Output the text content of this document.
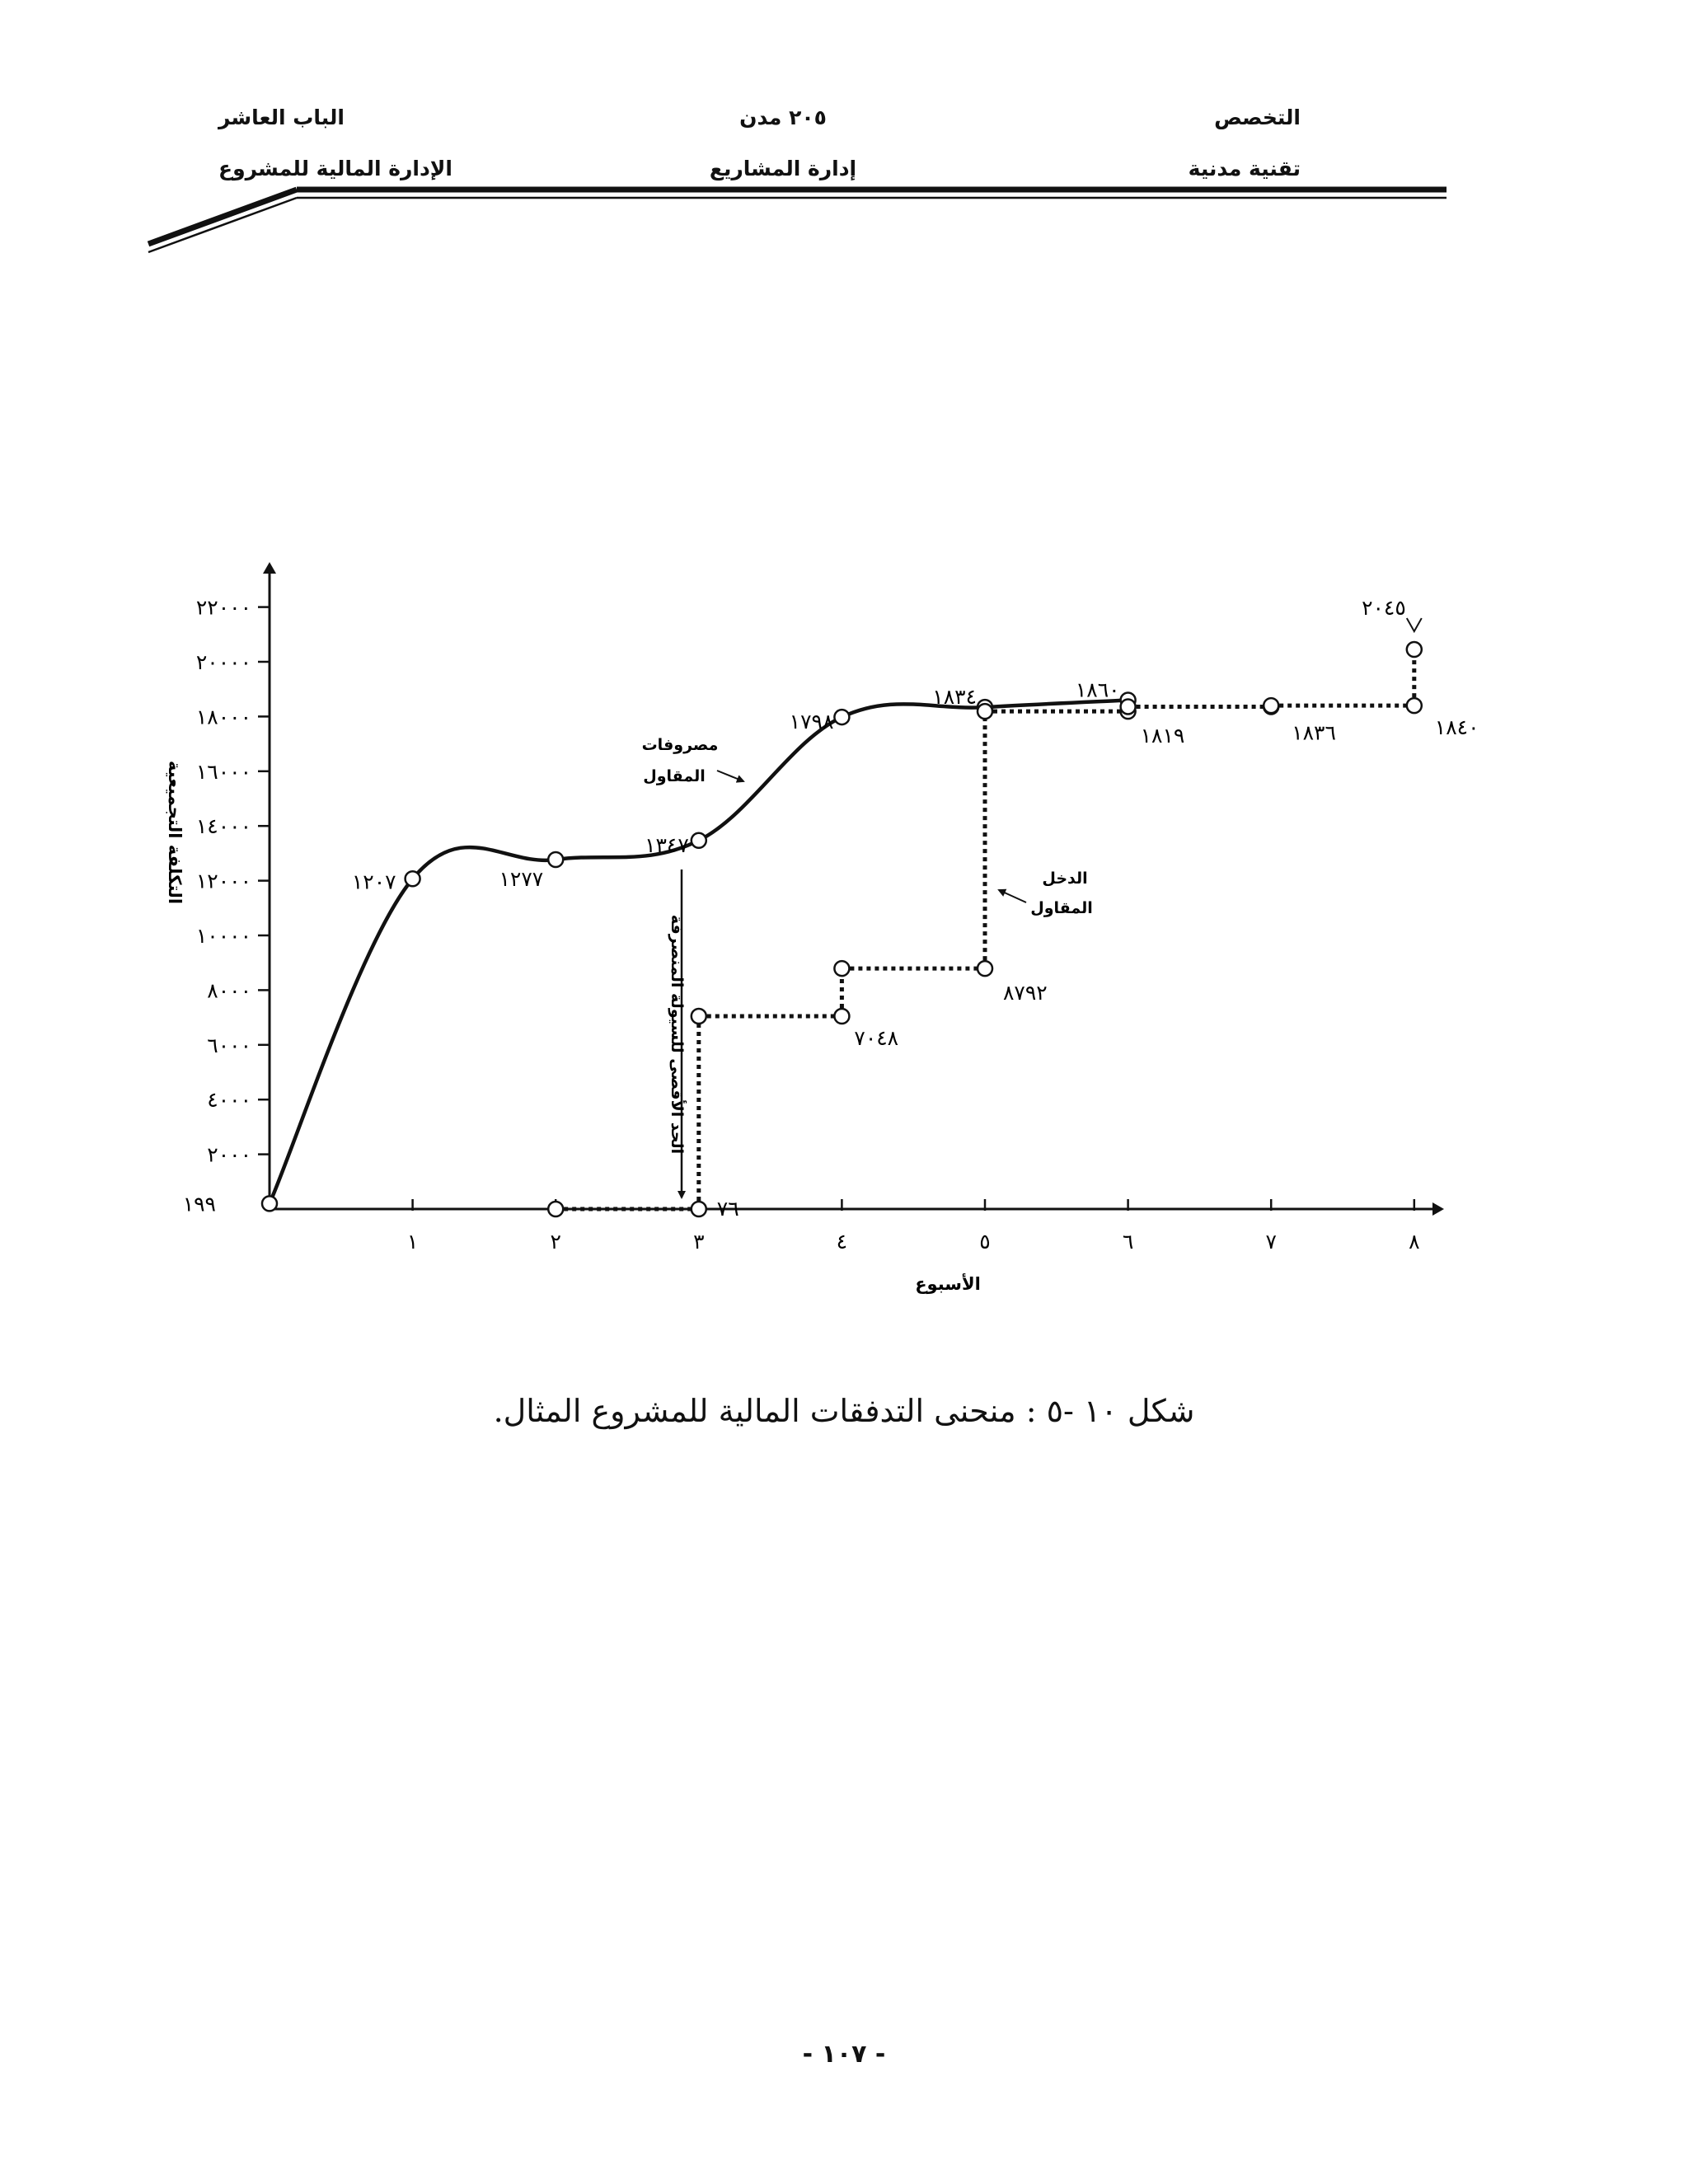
التخصص
تقنية مدنية
٢٠٥ مدن
إدارة المشاريع
الباب العاشر
الإدارة المالية للمشروع
٢٠٠٠
٤٠٠٠
٦٠٠٠
٨٠٠٠
١٠٠٠٠
١٢٠٠٠
١٤٠٠٠
١٦٠٠٠
١٨٠٠٠
٢٠٠٠٠
٢٢٠٠٠
١	٢	٣	٤	٥	٦	٧	٨
الأسبوع
التكلفة التجميعية
١٩٩
١٢٠٧	١٢٧٧
١٣٤٧
١٧٩٨
١٨٣٤	١٨٦٠
٧٦
٧٠٤٨
٨٧٩٢
١٨١٩	١٨٣٦	١٨٤٠
٢٠٤٥
مصروفات المقاول
الدخل المقاول
الحد الأقصى للسيولة المنصرفة
شكل ١٠ -٥ : منحنى التدفقات المالية للمشروع المثال.
- ١٠٧ -
